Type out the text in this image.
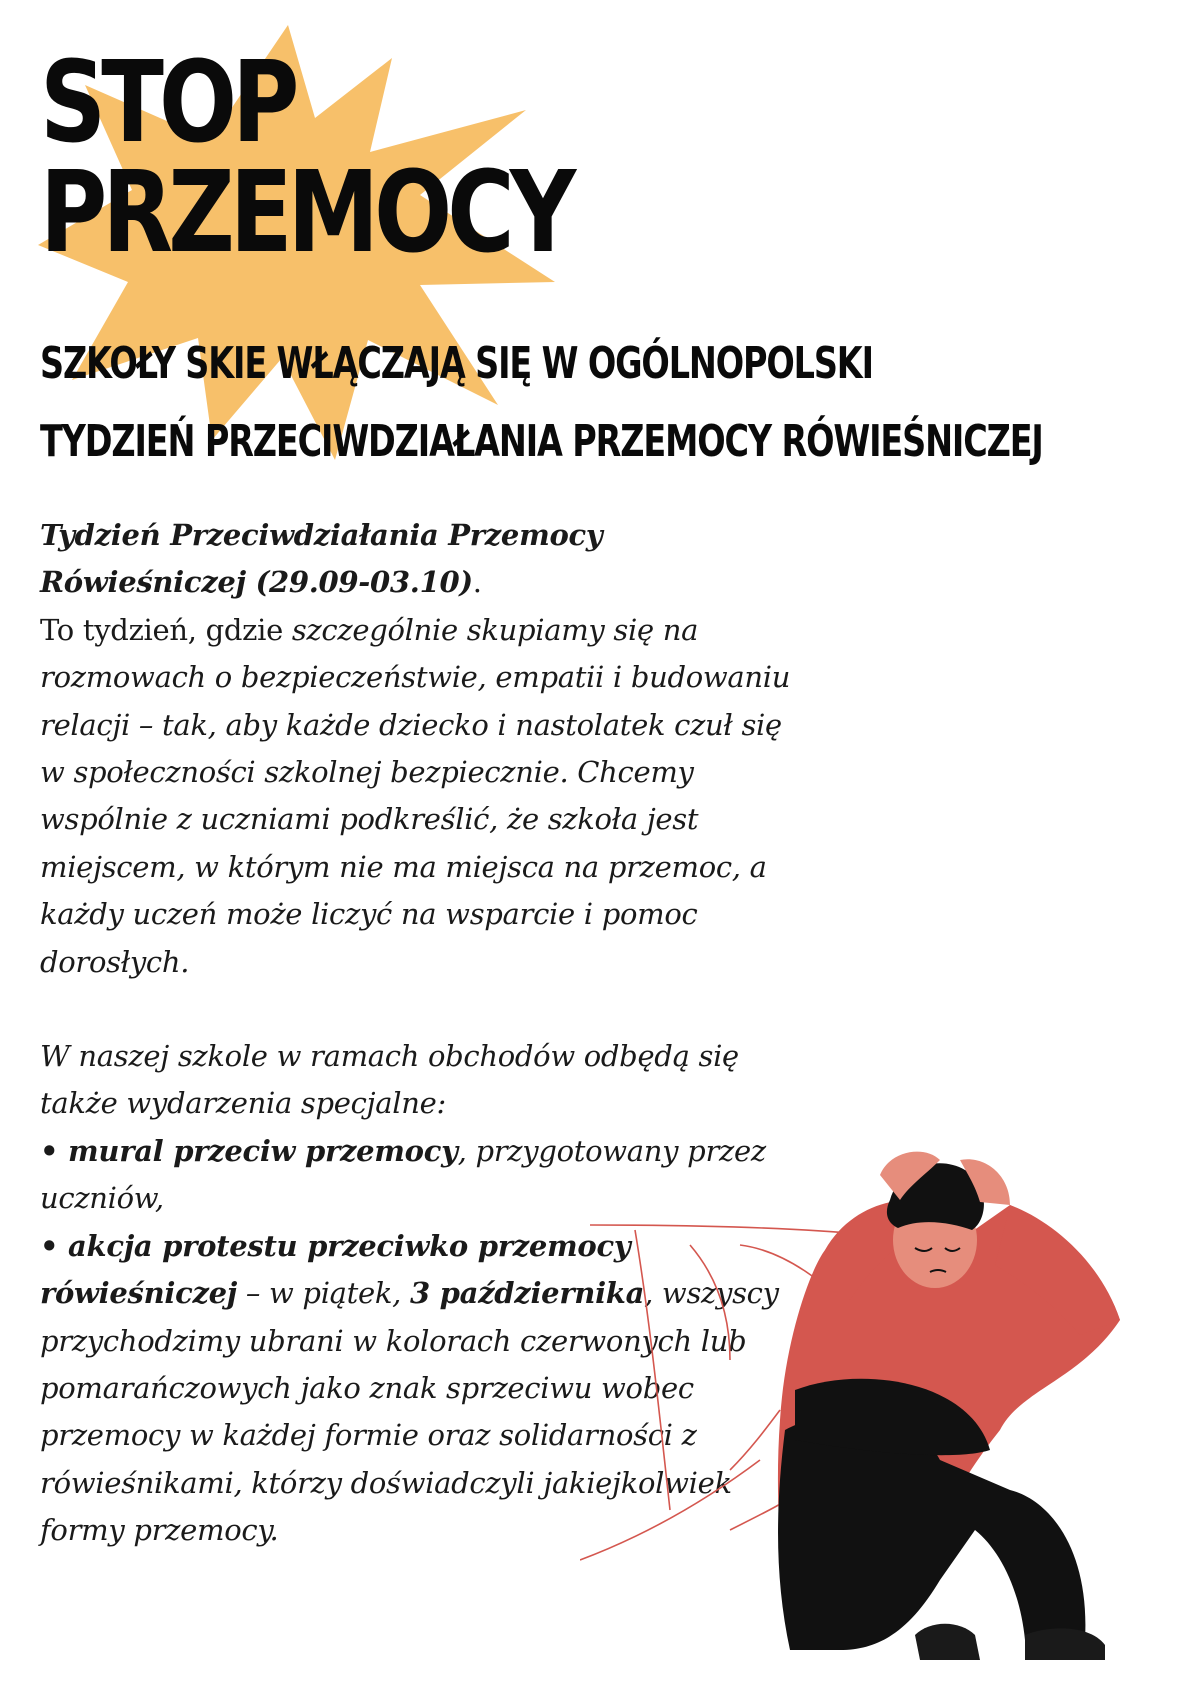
STOP
PRZEMOCY
SZKOŁY SKIE WŁĄCZAJĄ SIĘ W OGÓLNOPOLSKI
TYDZIEŃ PRZECIWDZIAŁANIA PRZEMOCY RÓWIEŚNICZEJ

Tydzień Przeciwdziałania Przemocy
Rówieśniczej (29.09-03.10).
To tydzień, gdzie szczególnie skupiamy się na rozmowach o bezpieczeństwie, empatii i budowaniu relacji – tak, aby każde dziecko i nastolatek czuł się w społeczności szkolnej bezpiecznie. Chcemy wspólnie z uczniami podkreślić, że szkoła jest miejscem, w którym nie ma miejsca na przemoc, a każdy uczeń może liczyć na wsparcie i pomoc dorosłych.

W naszej szkole w ramach obchodów odbędą się
także wydarzenia specjalne:
• mural przeciw przemocy, przygotowany przez uczniów,
• akcja protestu przeciwko przemocy rówieśniczej – w piątek, 3 października, wszyscy przychodzimy ubrani w kolorach czerwonych lub pomarańczowych jako znak sprzeciwu wobec przemocy w każdej formie oraz solidarności z rówieśnikami, którzy doświadczyli jakiejkolwiek formy przemocy.
